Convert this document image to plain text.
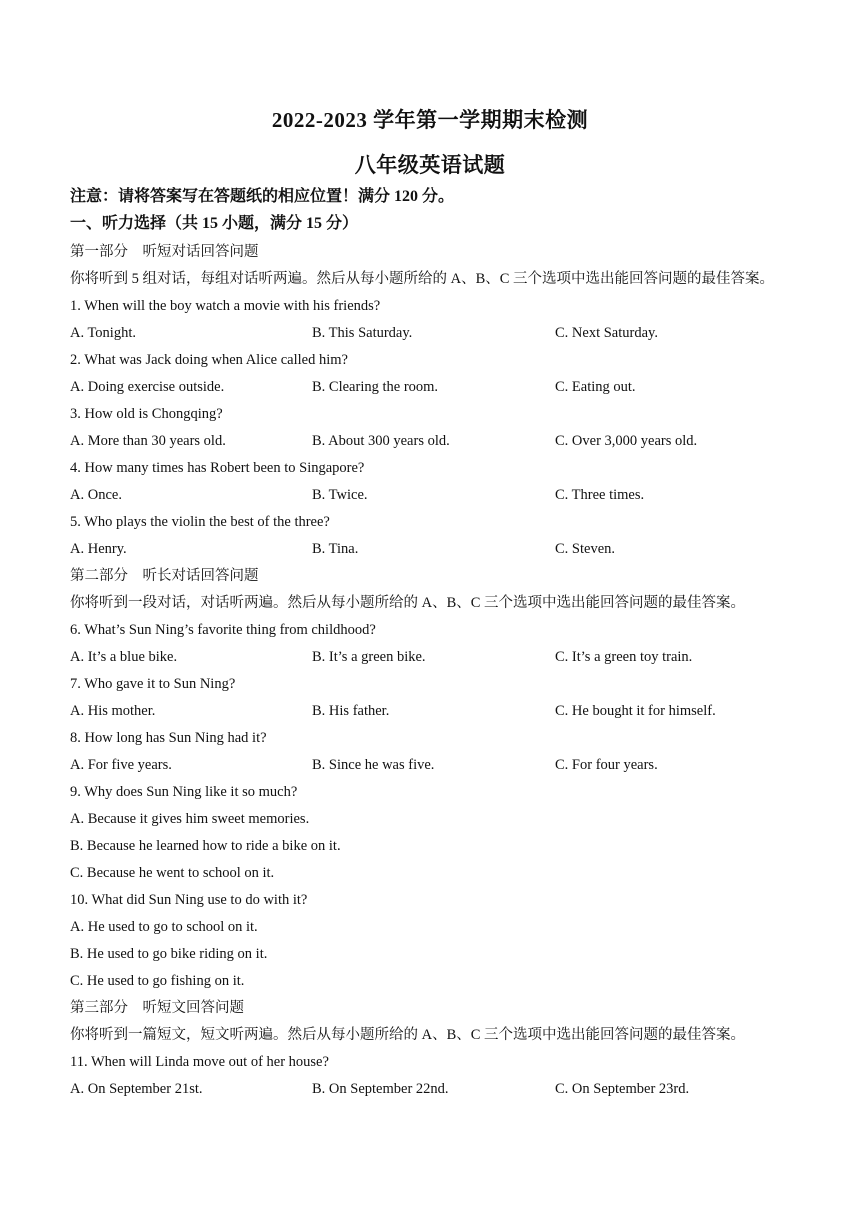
2022-2023 学年第一学期期末检测
八年级英语试题
注意：请将答案写在答题纸的相应位置！满分 120 分。
一、听力选择（共 15 小题，满分 15 分）
第一部分　听短对话回答问题
你将听到 5 组对话，每组对话听两遍。然后从每小题所给的 A、B、C 三个选项中选出能回答问题的最佳答案。
1. When will the boy watch a movie with his friends?
A. Tonight.	B. This Saturday.	C. Next Saturday.
2. What was Jack doing when Alice called him?
A. Doing exercise outside.	B. Clearing the room.	C. Eating out.
3. How old is Chongqing?
A. More than 30 years old.	B. About 300 years old.	C. Over 3,000 years old.
4. How many times has Robert been to Singapore?
A. Once.	B. Twice.	C. Three times.
5. Who plays the violin the best of the three?
A. Henry.	B. Tina.	C. Steven.
第二部分　听长对话回答问题
你将听到一段对话，对话听两遍。然后从每小题所给的 A、B、C 三个选项中选出能回答问题的最佳答案。
6. What’s Sun Ning’s favorite thing from childhood?
A. It’s a blue bike.	B. It’s a green bike.	C. It’s a green toy train.
7. Who gave it to Sun Ning?
A. His mother.	B. His father.	C. He bought it for himself.
8. How long has Sun Ning had it?
A. For five years.	B. Since he was five.	C. For four years.
9. Why does Sun Ning like it so much?
A. Because it gives him sweet memories.
B. Because he learned how to ride a bike on it.
C. Because he went to school on it.
10. What did Sun Ning use to do with it?
A. He used to go to school on it.
B. He used to go bike riding on it.
C. He used to go fishing on it.
第三部分　听短文回答问题
你将听到一篇短文，短文听两遍。然后从每小题所给的 A、B、C 三个选项中选出能回答问题的最佳答案。
11. When will Linda move out of her house?
A. On September 21st.	B. On September 22nd.	C. On September 23rd.
